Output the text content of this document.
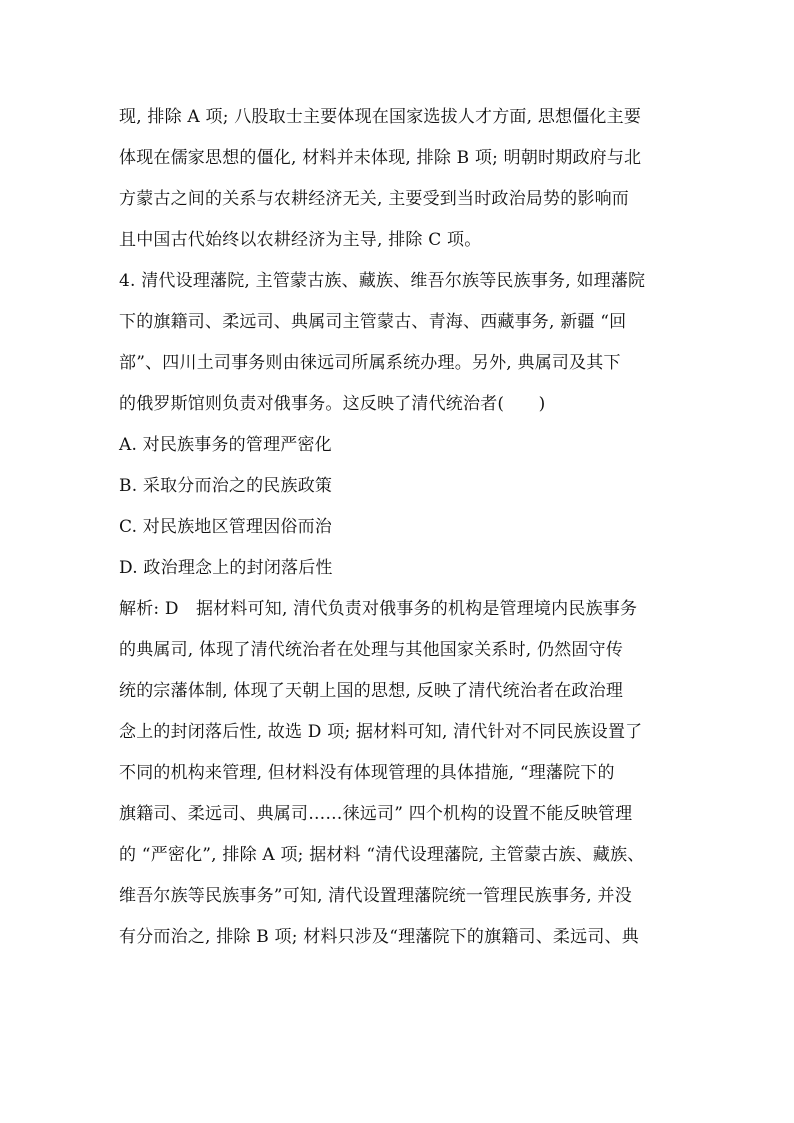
现, 排除 A 项; 八股取士主要体现在国家选拔人才方面, 思想僵化主要
体现在儒家思想的僵化, 材料并未体现, 排除 B 项; 明朝时期政府与北
方蒙古之间的关系与农耕经济无关, 主要受到当时政治局势的影响而
且中国古代始终以农耕经济为主导, 排除 C 项。
4. 清代设理藩院, 主管蒙古族、藏族、维吾尔族等民族事务, 如理藩院
下的旗籍司、柔远司、典属司主管蒙古、青海、西藏事务, 新疆 “回
部”、四川土司事务则由徕远司所属系统办理。另外, 典属司及其下
的俄罗斯馆则负责对俄事务。这反映了清代统治者(　　)
A. 对民族事务的管理严密化
B. 采取分而治之的民族政策
C. 对民族地区管理因俗而治
D. 政治理念上的封闭落后性
解析: D　据材料可知, 清代负责对俄事务的机构是管理境内民族事务
的典属司, 体现了清代统治者在处理与其他国家关系时, 仍然固守传
统的宗藩体制, 体现了天朝上国的思想, 反映了清代统治者在政治理
念上的封闭落后性, 故选 D 项; 据材料可知, 清代针对不同民族设置了
不同的机构来管理, 但材料没有体现管理的具体措施, “理藩院下的
旗籍司、柔远司、典属司……徕远司” 四个机构的设置不能反映管理
的 “严密化”, 排除 A 项; 据材料 “清代设理藩院, 主管蒙古族、藏族、
维吾尔族等民族事务”可知, 清代设置理藩院统一管理民族事务, 并没
有分而治之, 排除 B 项; 材料只涉及“理藩院下的旗籍司、柔远司、典
